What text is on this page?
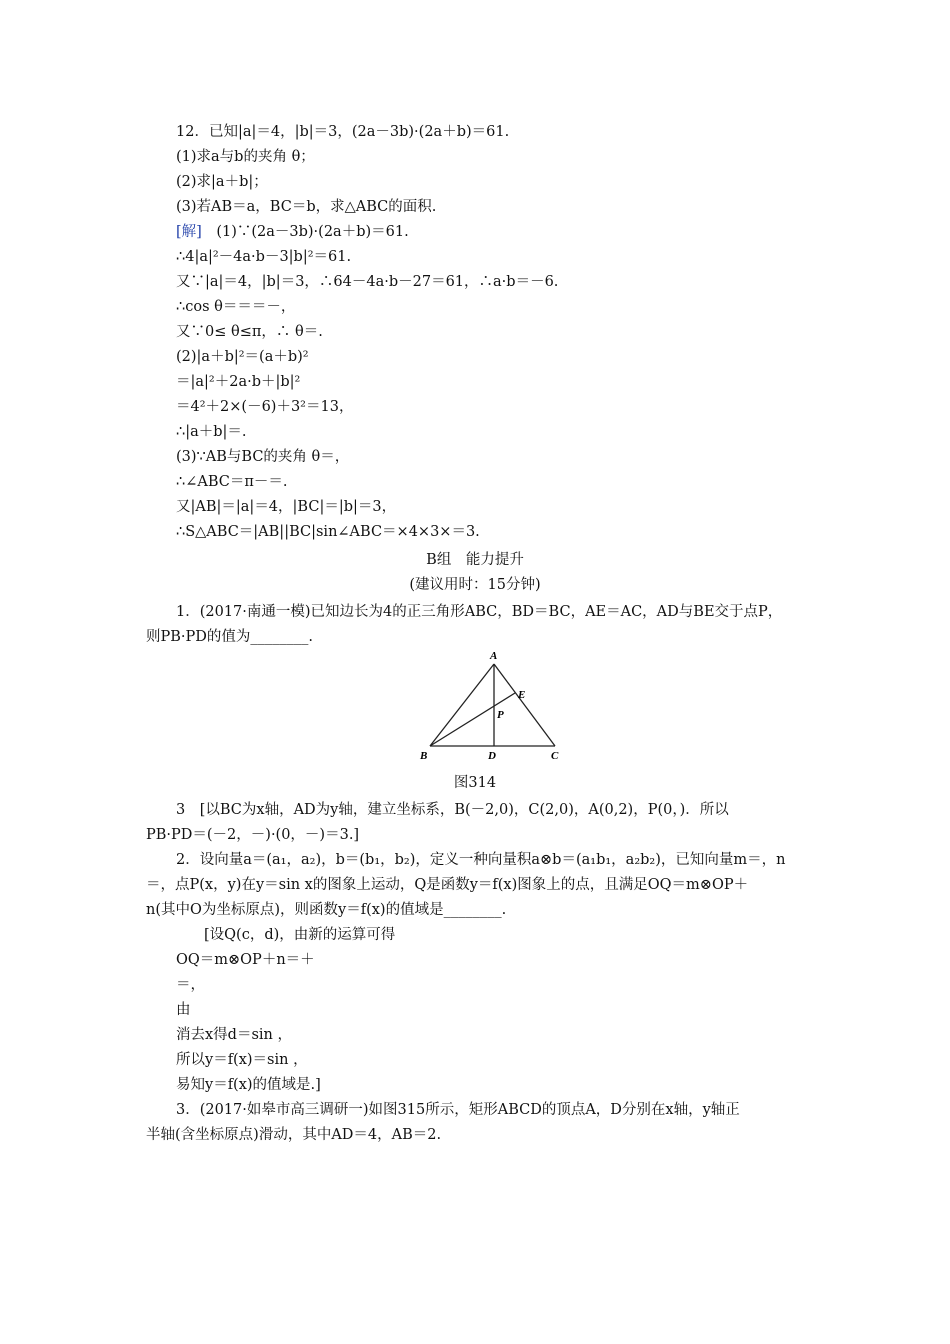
12．已知|a|＝4，|b|＝3，(2a－3b)·(2a＋b)＝61.
(1)求a与b的夹角 θ；
(2)求|a＋b|；
(3)若AB＝a，BC＝b，求△ABC的面积.
[解]　 (1)∵(2a－3b)·(2a＋b)＝61.
∴4|a|²－4a·b－3|b|²＝61.
又∵|a|＝4，|b|＝3，∴64－4a·b－27＝61，∴a·b＝－6.
∴cos θ＝＝＝－，
又∵0≤ θ≤π，∴ θ＝.
(2)|a＋b|²＝(a＋b)²
＝|a|²＋2a·b＋|b|²
＝4²＋2×(－6)＋3²＝13，
∴|a＋b|＝.
(3)∵AB与BC的夹角 θ＝，
∴∠ABC＝π－＝.
又|AB|＝|a|＝4，|BC|＝|b|＝3，
∴S△ABC＝|AB||BC|sin∠ABC＝×4×3×＝3.
B组　能力提升
(建议用时：15分钟)
1．(2017·南通一模)已知边长为4的正三角形ABC，BD＝BC，AE＝AC，AD与BE交于点P，
则PB·PD的值为________.
A
B	C
D
E
P
图314
3　[以BC为x轴，AD为y轴，建立坐标系，B(－2,0)，C(2,0)，A(0,2)，P(0，)．所以
PB·PD＝(－2，－)·(0，－)＝3.]
2．设向量a＝(a₁，a₂)，b＝(b₁，b₂)，定义一种向量积a⊗b＝(a₁b₁，a₂b₂)，已知向量m＝，n
＝，点P(x，y)在y＝sin x的图象上运动，Q是函数y＝f(x)图象上的点，且满足OQ＝m⊗OP＋
n(其中O为坐标原点)，则函数y＝f(x)的值域是________.
[设Q(c，d)，由新的运算可得
OQ＝m⊗OP＋n＝＋
＝，
由
消去x得d＝sin ，
所以y＝f(x)＝sin ，
易知y＝f(x)的值域是.]
3．(2017·如皋市高三调研一)如图315所示，矩形ABCD的顶点A，D分别在x轴，y轴正
半轴(含坐标原点)滑动，其中AD＝4，AB＝2.
